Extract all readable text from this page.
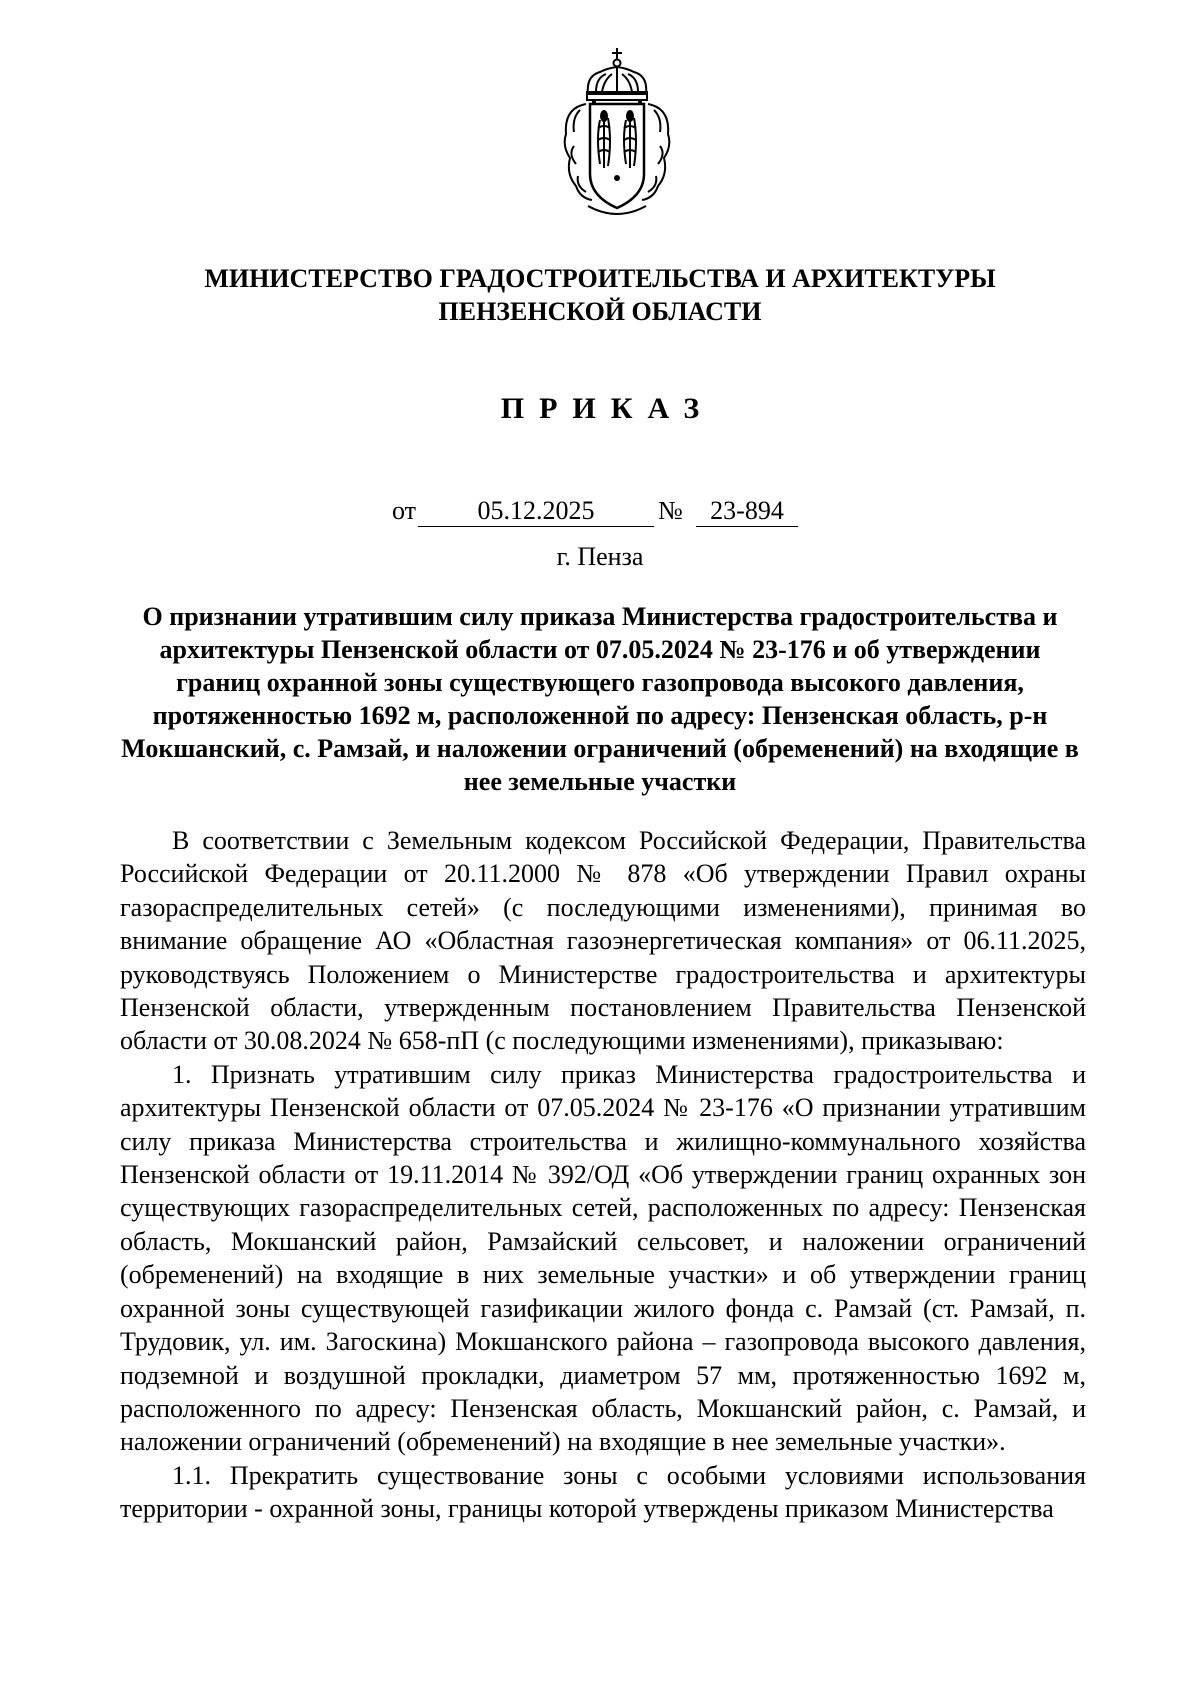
МИНИСТЕРСТВО ГРАДОСТРОИТЕЛЬСТВА И АРХИТЕКТУРЫ
ПЕНЗЕНСКОЙ ОБЛАСТИ
ПРИКАЗ
от	05.12.2025	№	23-894
г. Пенза
О признании утратившим силу приказа Министерства градостроительства и архитектуры Пензенской области от 07.05.2024 № 23-176 и об утверждении границ охранной зоны существующего газопровода высокого давления, протяженностью 1692 м, расположенной по адресу: Пензенская область, р-н Мокшанский, с. Рамзай, и наложении ограничений (обременений) на входящие в нее земельные участки

В соответствии с Земельным кодексом Российской Федерации, Правительства Российской Федерации от 20.11.2000 № 878 «Об утверждении Правил охраны газораспределительных сетей» (с последующими изменениями), принимая во внимание обращение АО «Областная газоэнергетическая компания» от 06.11.2025, руководствуясь Положением о Министерстве градостроительства и архитектуры Пензенской области, утвержденным постановлением Правительства Пензенской области от 30.08.2024 № 658-пП (с последующими изменениями), приказываю:

1. Признать утратившим силу приказ Министерства градостроительства и архитектуры Пензенской области от 07.05.2024 № 23-176 «О признании утратившим силу приказа Министерства строительства и жилищно-коммунального хозяйства Пензенской области от 19.11.2014 № 392/ОД «Об утверждении границ охранных зон существующих газораспределительных сетей, расположенных по адресу: Пензенская область, Мокшанский район, Рамзайский сельсовет, и наложении ограничений (обременений) на входящие в них земельные участки» и об утверждении границ охранной зоны существующей газификации жилого фонда с. Рамзай (ст. Рамзай, п. Трудовик, ул. им. Загоскина) Мокшанского района – газопровода высокого давления, подземной и воздушной прокладки, диаметром 57 мм, протяженностью 1692 м, расположенного по адресу: Пензенская область, Мокшанский район, с. Рамзай, и наложении ограничений (обременений) на входящие в нее земельные участки».

1.1. Прекратить существование зоны с особыми условиями использования территории - охранной зоны, границы которой утверждены приказом Министерства
